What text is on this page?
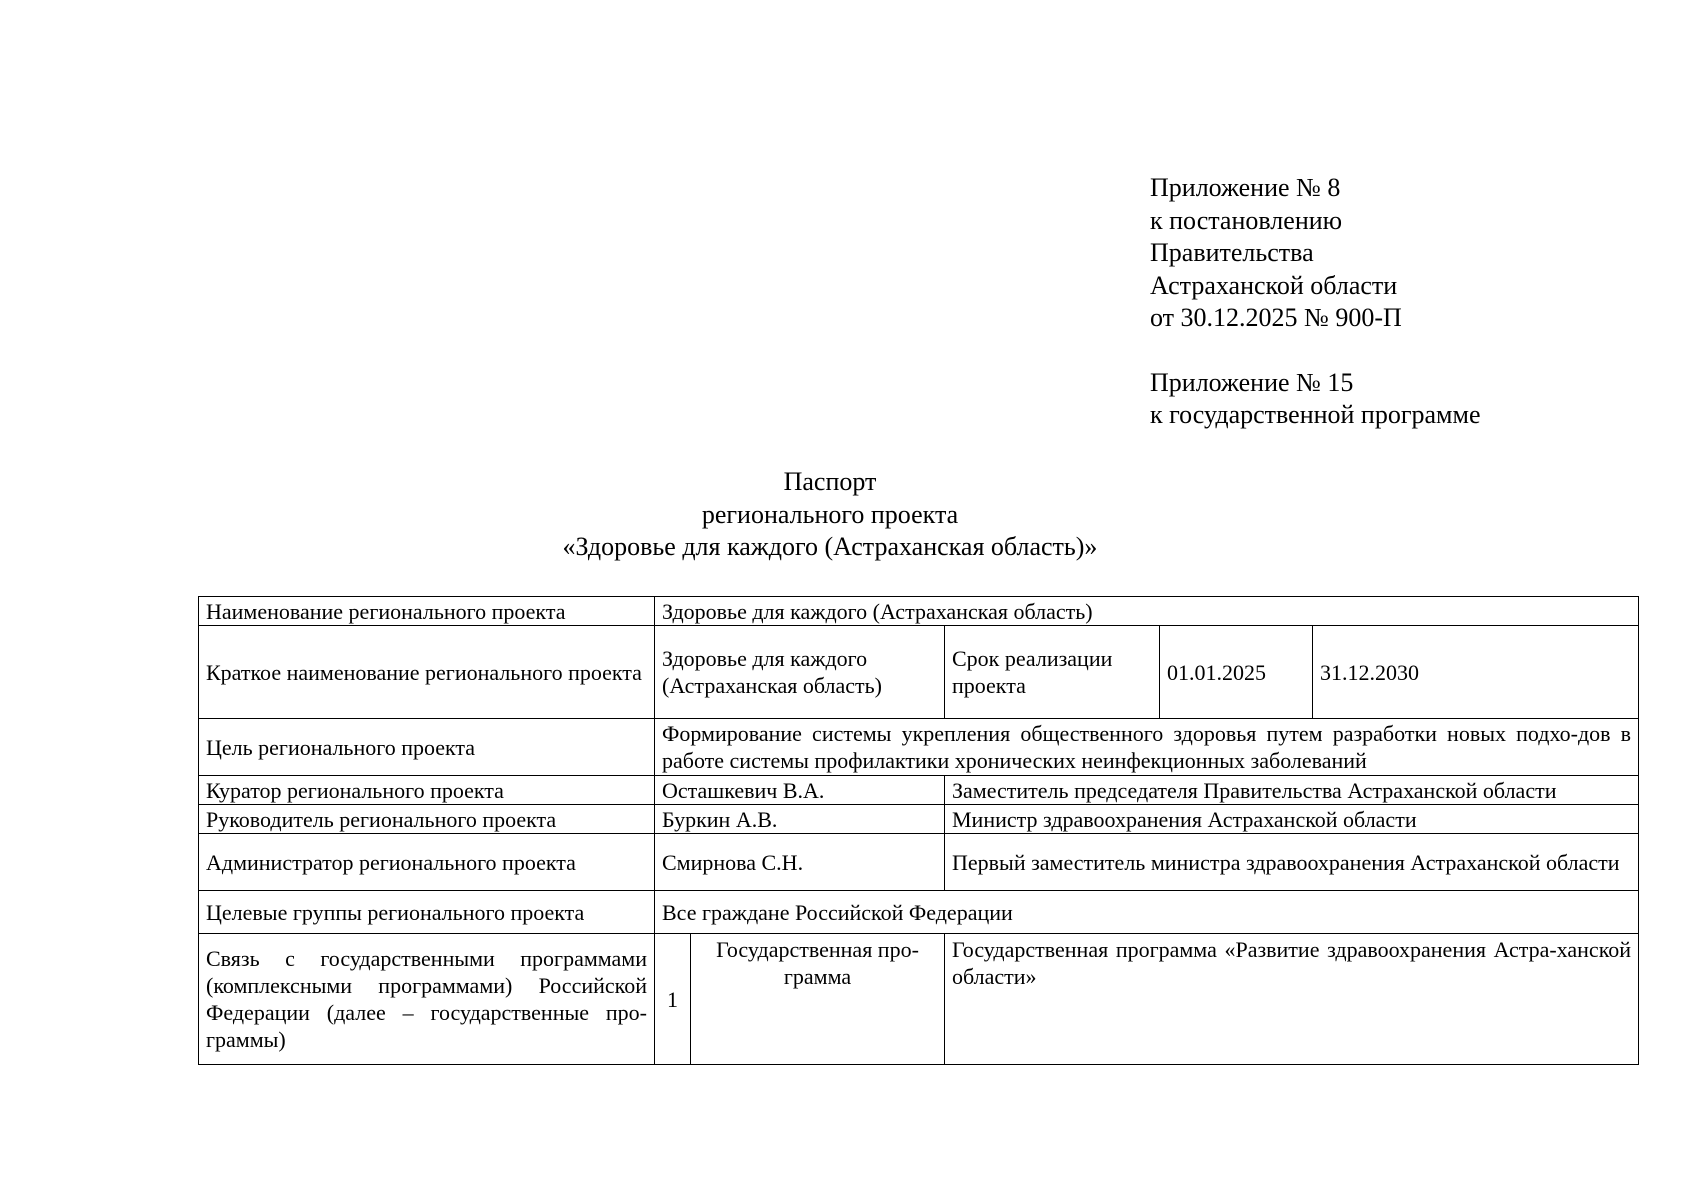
Приложение № 8
к постановлению
Правительства
Астраханской области
от 30.12.2025 № 900-П
Приложение № 15
к государственной программе
Паспорт
регионального проекта
«Здоровье для каждого (Астраханская область)»
Наименование регионального проекта	Здоровье для каждого (Астраханская область)				
Краткое наименование регионального проекта	Здоровье для каждого (Астраханская область)		Срок реализации проекта	01.01.2025	31.12.2030
Цель регионального проекта	Формирование системы укрепления общественного здоровья путем разработки новых подхо-дов в работе системы профилактики хронических неинфекционных заболеваний				
Куратор регионального проекта	Осташкевич В.А.		Заместитель председателя Правительства Астраханской области		
Руководитель регионального проекта	Буркин А.В.		Министр здравоохранения Астраханской области		
Администратор регионального проекта	Смирнова С.Н.		Первый заместитель министра здравоохранения Астраханской области		
Целевые группы регионального проекта	Все граждане Российской Федерации				
Связь с государственными программами (комплексными программами) Российской Федерации (далее – государственные про-граммы)	1	Государственная про-грамма	Государственная программа «Развитие здравоохранения Астра-ханской области»		
